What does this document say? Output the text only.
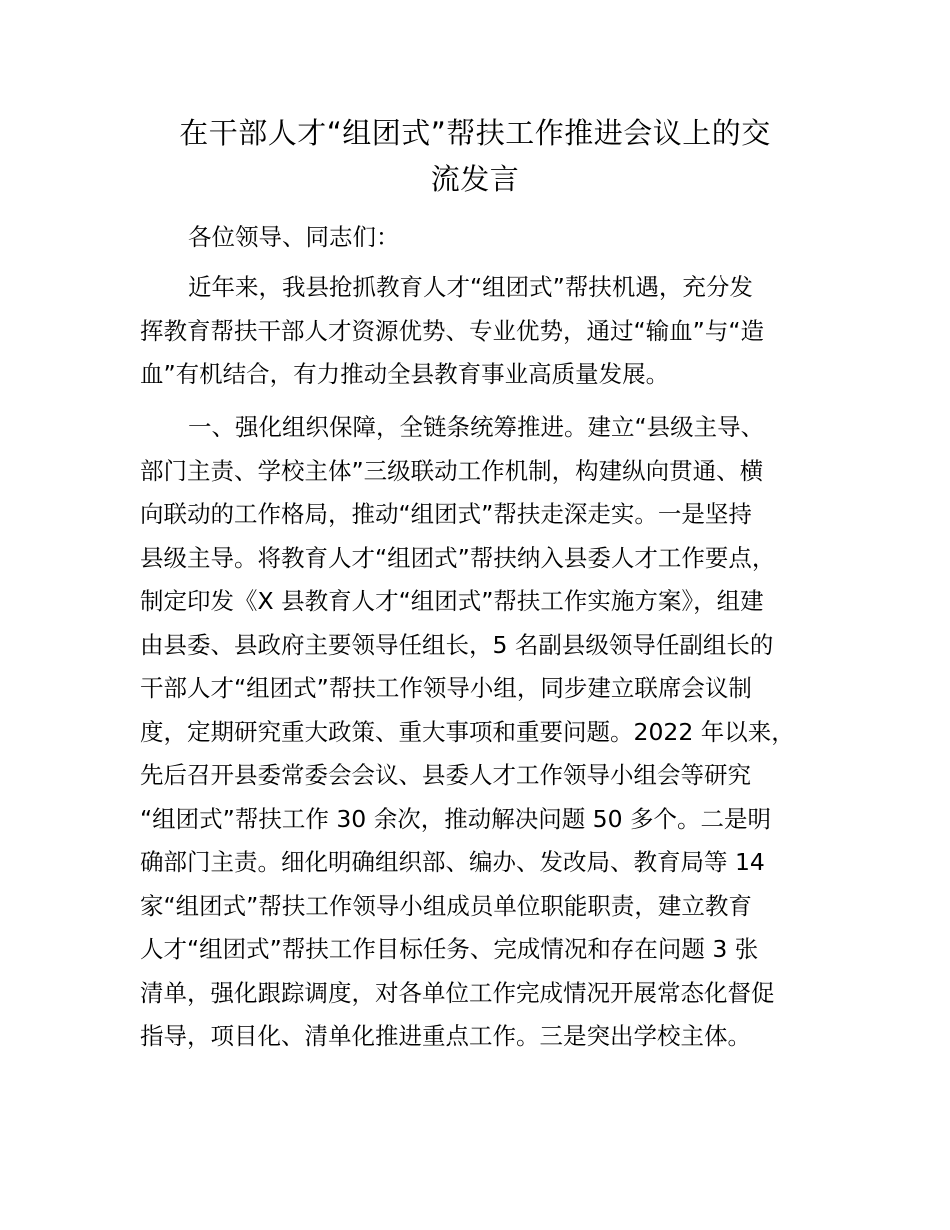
在干部人才“组团式”帮扶工作推进会议上的交
流发言
各位领导、同志们：
近年来，我县抢抓教育人才“组团式”帮扶机遇，充分发
挥教育帮扶干部人才资源优势、专业优势，通过“输血”与“造
血”有机结合，有力推动全县教育事业高质量发展。
一、强化组织保障，全链条统筹推进。建立“县级主导、
部门主责、学校主体”三级联动工作机制，构建纵向贯通、横
向联动的工作格局，推动“组团式”帮扶走深走实。一是坚持
县级主导。将教育人才“组团式”帮扶纳入县委人才工作要点，
制定印发《X 县教育人才“组团式”帮扶工作实施方案》，组建
由县委、县政府主要领导任组长，5 名副县级领导任副组长的
干部人才“组团式”帮扶工作领导小组，同步建立联席会议制
度，定期研究重大政策、重大事项和重要问题。2022 年以来，
先后召开县委常委会会议、县委人才工作领导小组会等研究
“组团式”帮扶工作 30 余次，推动解决问题 50 多个。二是明
确部门主责。细化明确组织部、编办、发改局、教育局等 14
家“组团式”帮扶工作领导小组成员单位职能职责，建立教育
人才“组团式”帮扶工作目标任务、完成情况和存在问题 3 张
清单，强化跟踪调度，对各单位工作完成情况开展常态化督促
指导，项目化、清单化推进重点工作。三是突出学校主体。
